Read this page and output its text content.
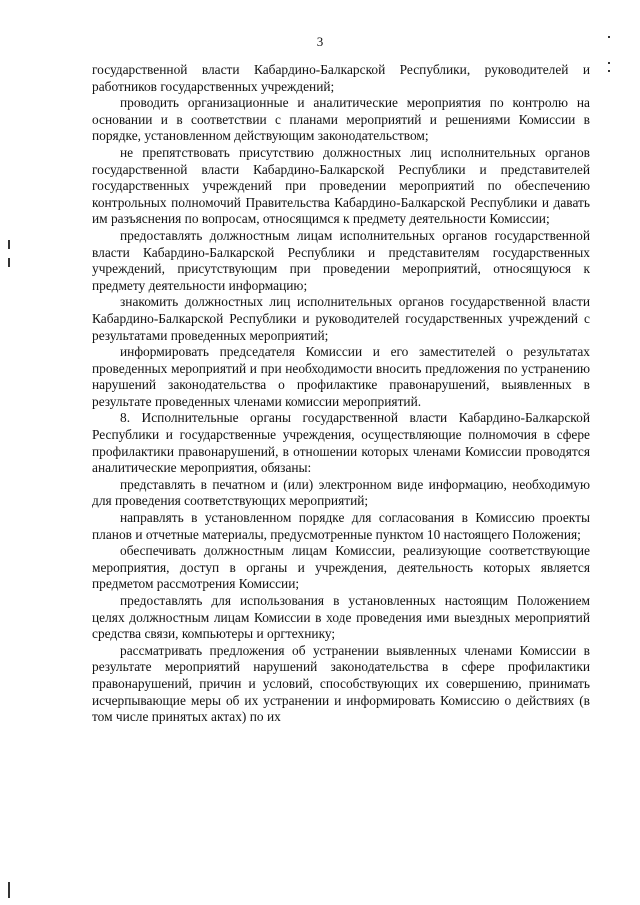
3

государственной власти Кабардино-Балкарской Республики, руководителей и работников государственных учреждений;

проводить организационные и аналитические мероприятия по контролю на основании и в соответствии с планами мероприятий и решениями Комиссии в порядке, установленном действующим законодательством;

не препятствовать присутствию должностных лиц исполнительных органов государственной власти Кабардино-Балкарской Республики и представителей государственных учреждений при проведении мероприятий по обеспечению контрольных полномочий Правительства Кабардино-Балкарской Республики и давать им разъяснения по вопросам, относящимся к предмету деятельности Комиссии;

предоставлять должностным лицам исполнительных органов государственной власти Кабардино-Балкарской Республики и представителям государственных учреждений, присутствующим при проведении мероприятий, относящуюся к предмету деятельности информацию;

знакомить должностных лиц исполнительных органов государственной власти Кабардино-Балкарской Республики и руководителей государственных учреждений с результатами проведенных мероприятий;

информировать председателя Комиссии и его заместителей о результатах проведенных мероприятий и при необходимости вносить предложения по устранению нарушений законодательства о профилактике правонарушений, выявленных в результате проведенных членами комиссии мероприятий.

8. Исполнительные органы государственной власти Кабардино-Балкарской Республики и государственные учреждения, осуществляющие полномочия в сфере профилактики правонарушений, в отношении которых членами Комиссии проводятся аналитические мероприятия, обязаны:

представлять в печатном и (или) электронном виде информацию, необходимую для проведения соответствующих мероприятий;

направлять в установленном порядке для согласования в Комиссию проекты планов и отчетные материалы, предусмотренные пунктом 10 настоящего Положения;

обеспечивать должностным лицам Комиссии, реализующие соответствующие мероприятия, доступ в органы и учреждения, деятельность которых является предметом рассмотрения Комиссии;

предоставлять для использования в установленных настоящим Положением целях должностным лицам Комиссии в ходе проведения ими выездных мероприятий средства связи, компьютеры и оргтехнику;

рассматривать предложения об устранении выявленных членами Комиссии в результате мероприятий нарушений законодательства в сфере профилактики правонарушений, причин и условий, способствующих их совершению, принимать исчерпывающие меры об их устранении и информировать Комиссию о действиях (в том числе принятых актах) по их
